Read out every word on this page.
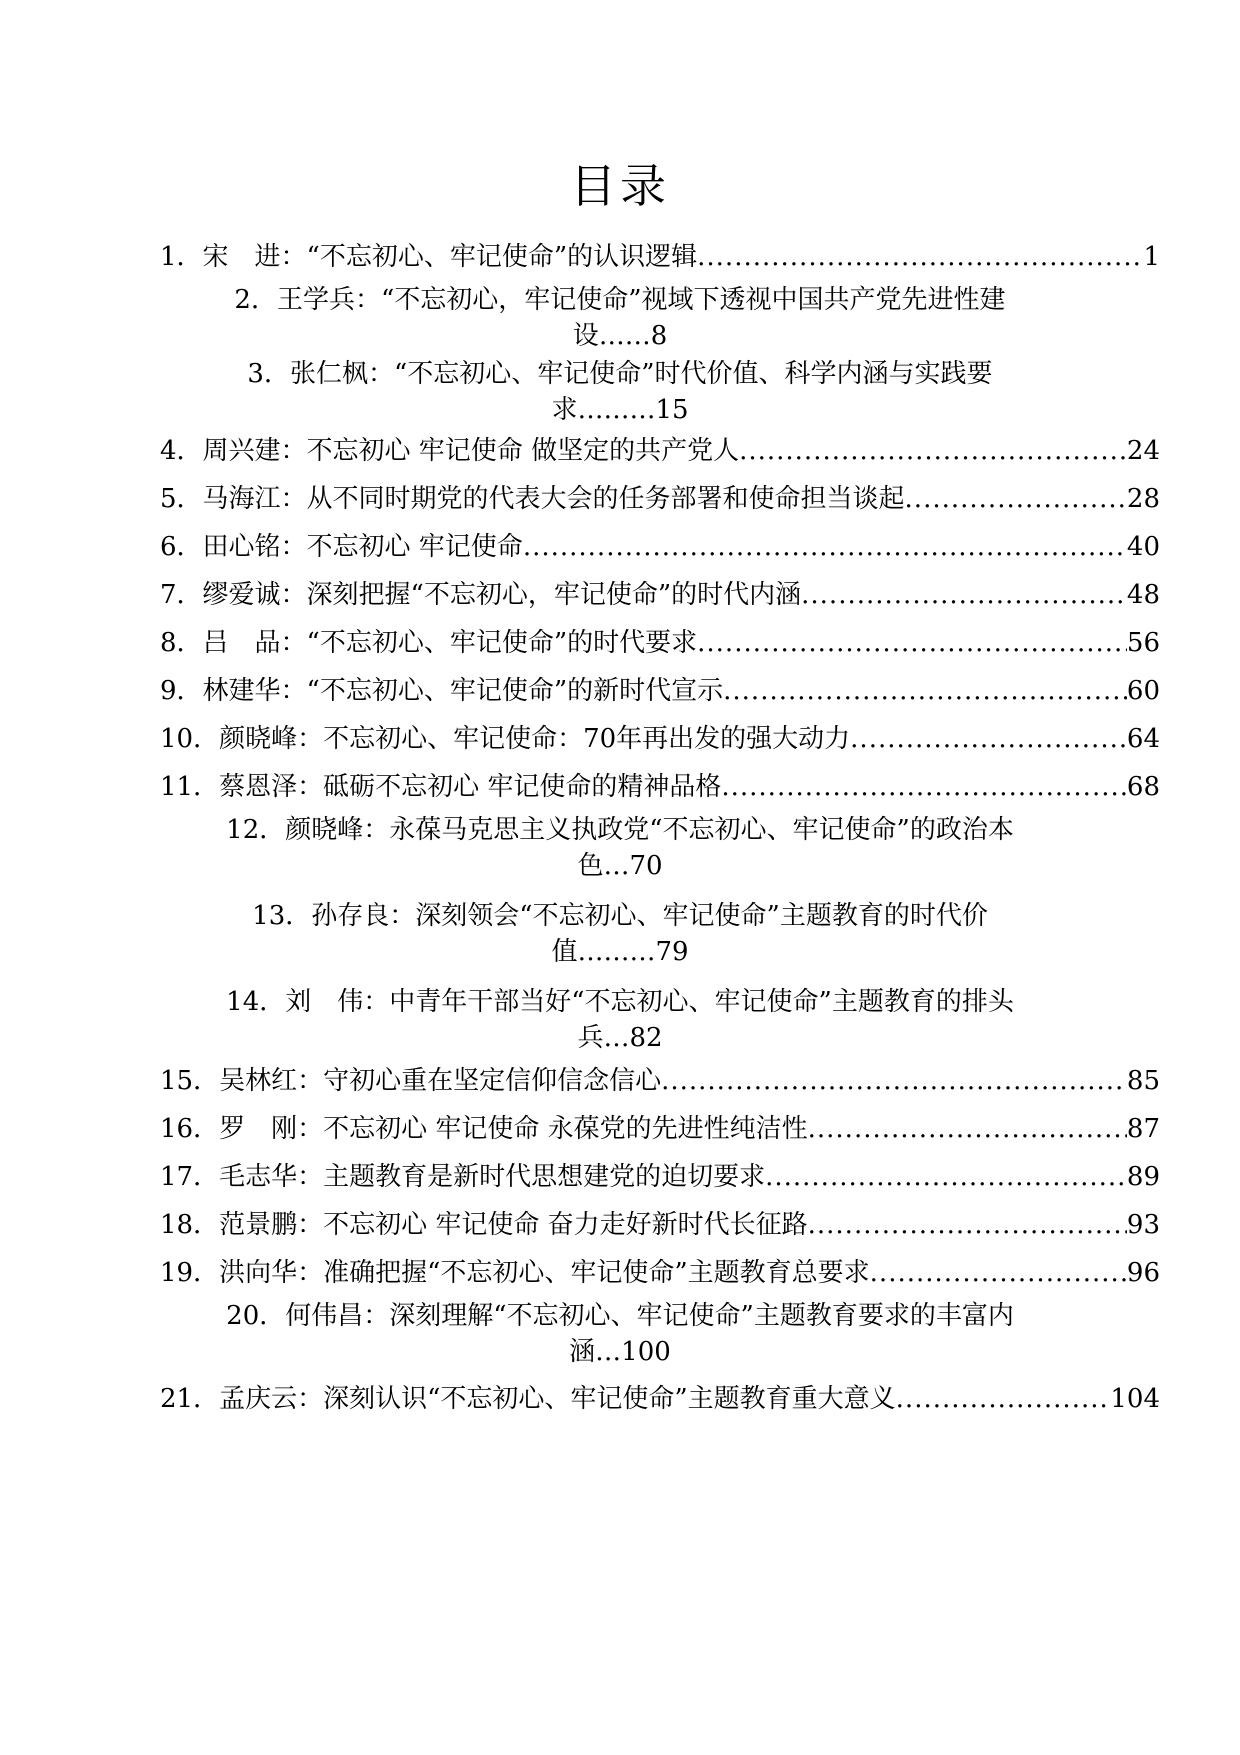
目录
1．宋　进：“不忘初心、牢记使命”的认识逻辑 .....	1
2．王学兵：“不忘初心，牢记使命”视域下透视中国共产党先进性建
设……8
3．张仁枫：“不忘初心、牢记使命”时代价值、科学内涵与实践要
求………15
4．周兴建：不忘初心 牢记使命 做坚定的共产党人 .....	24
5．马海江：从不同时期党的代表大会的任务部署和使命担当谈起 .....	28
6．田心铭：不忘初心 牢记使命 .....	40
7．缪爱诚：深刻把握“不忘初心，牢记使命”的时代内涵 .....	48
8．吕　品：“不忘初心、牢记使命”的时代要求 .....	56
9．林建华：“不忘初心、牢记使命”的新时代宣示 .....	60
10．颜晓峰：不忘初心、牢记使命：70年再出发的强大动力 .....	64
11．蔡恩泽：砥砺不忘初心 牢记使命的精神品格 .....	68
12．颜晓峰：永葆马克思主义执政党“不忘初心、牢记使命”的政治本
色…70
13．孙存良：深刻领会“不忘初心、牢记使命”主题教育的时代价
值………79
14．刘　伟：中青年干部当好“不忘初心、牢记使命”主题教育的排头
兵…82
15．吴林红：守初心重在坚定信仰信念信心 .....	85
16．罗　刚：不忘初心 牢记使命 永葆党的先进性纯洁性 .....	87
17．毛志华：主题教育是新时代思想建党的迫切要求 .....	89
18．范景鹏：不忘初心 牢记使命 奋力走好新时代长征路 .....	93
19．洪向华：准确把握“不忘初心、牢记使命”主题教育总要求 .....	96
20．何伟昌：深刻理解“不忘初心、牢记使命”主题教育要求的丰富内
涵…100
21．孟庆云：深刻认识“不忘初心、牢记使命”主题教育重大意义 .....	104
